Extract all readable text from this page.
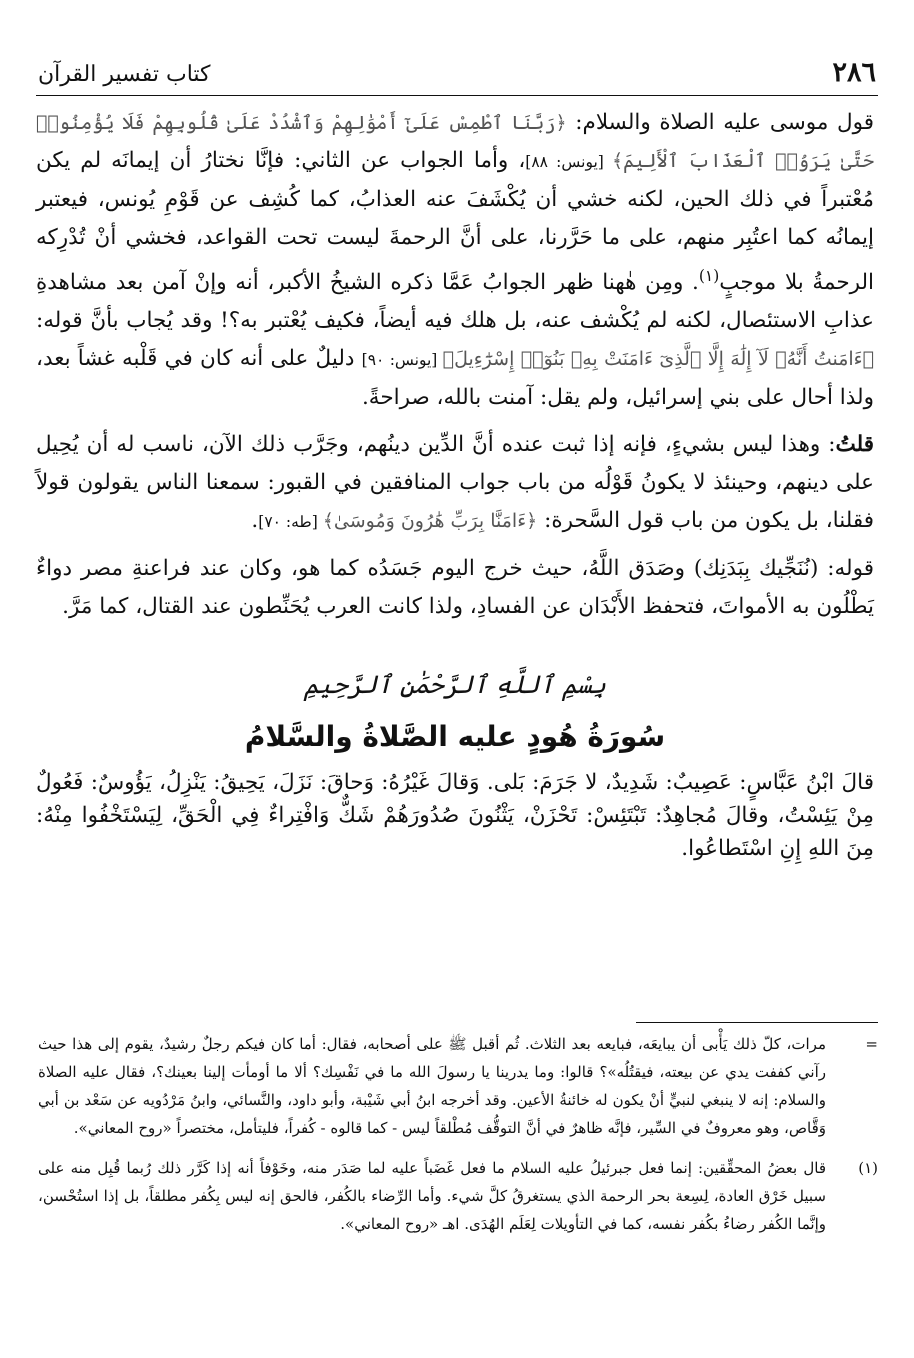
٢٨٦
كتاب تفسير القرآن

قول موسى عليه الصلاة والسلام: ﴿رَبَّنَا ٱطْمِسْ عَلَىٰٓ أَمْوَٰلِهِمْ وَٱشْدُدْ عَلَىٰ قُلُوبِهِمْ فَلَا يُؤْمِنُوا۟ حَتَّىٰ يَرَوُا۟ ٱلْعَذَابَ ٱلْأَلِيمَ﴾ [يونس: ٨٨]، وأما الجواب عن الثاني: فإنَّا نختارُ أن إيمانَه لم يكن مُعْتبراً في ذلك الحين، لكنه خشي أن يُكْشَفَ عنه العذابُ، كما كُشِف عن قَوْمِ يُونس، فيعتبر إيمانُه كما اعتُبِر منهم، على ما حَرَّرنا، على أنَّ الرحمةَ ليست تحت القواعد، فخشي أنْ تُدْرِكه الرحمةُ بلا موجبٍ$^{(١)}$. ومِن هٰهنا ظهر الجوابُ عَمَّا ذكره الشيخُ الأكبر، أنه وإنْ آمن بعد مشاهدةِ عذابِ الاستئصال، لكنه لم يُكْشف عنه، بل هلك فيه أيضاً، فكيف يُعْتبر به؟! وقد يُجاب بأنَّ قوله: ﴿ءَامَنتُ أَنَّهُۥ لَآ إِلَٰهَ إِلَّا ٱلَّذِىٓ ءَامَنَتْ بِهِۦ بَنُوٓا۟ إِسْرَٰٓءِيلَ﴾ [يونس: ٩٠] دليلٌ على أنه كان في قَلْبه غشاً بعد، ولذا أحال على بني إسرائيل، ولم يقل: آمنت بالله، صراحةً.

قلتُ: وهذا ليس بشيءٍ، فإنه إذا ثبت عنده أنَّ الدِّين دينُهم، وجَرَّب ذلك الآن، ناسب له أن يُحِيل على دينهم، وحينئذ لا يكونُ قَوْلُه من باب جواب المنافقين في القبور: سمعنا الناس يقولون قولاً فقلنا، بل يكون من باب قول السَّحرة: ﴿ءَامَنَّا بِرَبِّ هَٰرُونَ وَمُوسَىٰ﴾ [طه: ٧٠].

قوله: (نُنَجِّيك بِبَدَنِك) وصَدَق اللَّهُ، حيث خرج اليوم جَسَدُه كما هو، وكان عند فراعنةِ مصر دواءٌ يَطْلُون به الأمواتَ، فتحفظ الأَبْدَان عن الفسادِ، ولذا كانت العرب يُحَنِّطون عند القتال، كما مَرَّ.

بِسْمِ ٱللَّهِ ٱلرَّحْمَٰنِ ٱلرَّحِيمِ
سُورَةُ هُودٍ عليه الصَّلاةُ والسَّلامُ

قالَ ابْنُ عَبَّاسٍ: عَصِيبٌ: شَدِيدٌ، لا جَرَمَ: بَلى. وَقالَ غَيْرُهُ: وَحاقَ: نَزَلَ، يَحِيقُ: يَنْزِلُ، يَؤُوسٌ: فَعُولٌ مِنْ يَئِسْتُ، وقالَ مُجاهِدٌ: تَبْتَئِسْ: تَحْزَنْ، يَثْنُونَ صُدُورَهُمْ شَكٌّ وَافْتِراءٌ فِي الْحَقِّ، لِيَسْتَخْفُوا مِنْهُ: مِنَ اللهِ إِنِ اسْتَطاعُوا.

=
مرات، كلّ ذلك يَأْبى أن يبايعَه، فبايعه بعد الثلاث. ثُم أقبل ﷺ على أصحابه، فقال: أما كان فيكم رجلٌ رشيدٌ، يقوم إلى هذا حيث رآني كففت يدي عن بيعته، فيقتُلُه»؟ قالوا: وما يدرينا يا رسولَ الله ما في نَفْسِك؟ ألا ما أومأت إلينا بعينك؟، فقال عليه الصلاة والسلام: إنه لا ينبغي لنبيٍّ أنْ يكون له خائنةُ الأعين. وقد أخرجه ابنُ أبي شَيْبة، وأبو داود، والنَّسائي، وابنُ مَرْدُويه عن سَعْد بن أبي وَقَّاص، وهو معروفٌ في السِّير، فإنَّه ظاهرٌ في أنَّ التوقُّف مُطْلقاً ليس - كما قالوه - كُفراً، فليتأمل، مختصراً «روح المعاني».
(١)
قال بعضُ المحقِّقين: إنما فعل جبرئيلُ عليه السلام ما فعل غَضَباً عليه لما صَدَر منه، وخَوْفاً أنه إذا كَرَّر ذلك رُبما قُبِل منه على سبيل خَرْق العادة، لِسِعة بحر الرحمة الذي يستغرقُ كلَّ شيء. وأما الرِّضاء بالكُفر، فالحق إنه ليس بِكُفر مطلقاً، بل إذا استُحْسن، وإنَّما الكُفر رضاءُ بكُفر نفسه، كما في التأويلات لِعَلَم الهُدَى. اهـ «روح المعاني».
